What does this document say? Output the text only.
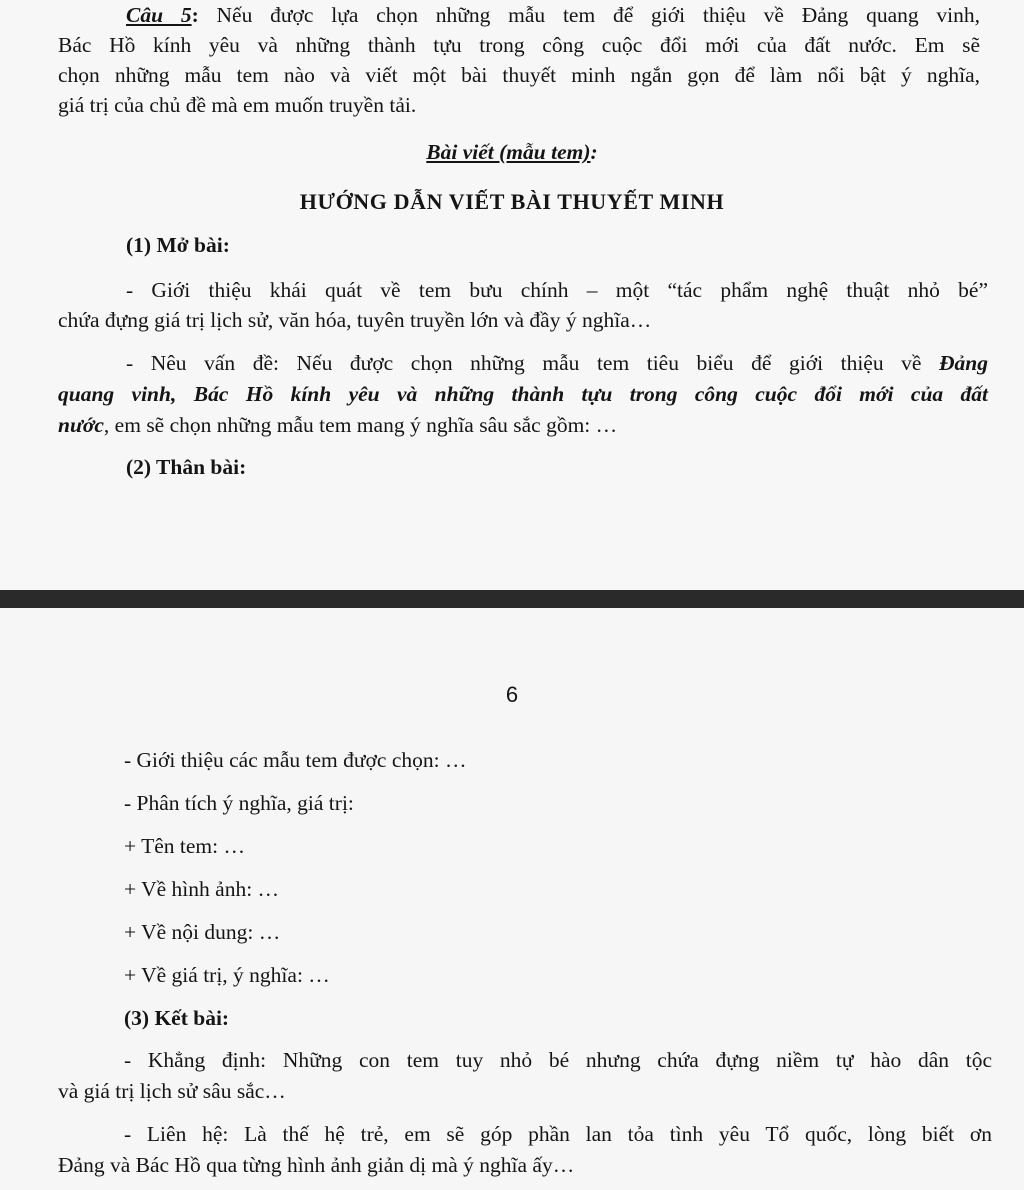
Câu 5: Nếu được lựa chọn những mẫu tem để giới thiệu về Đảng quang vinh,

Bác Hồ kính yêu và những thành tựu trong công cuộc đổi mới của đất nước. Em sẽ

chọn những mẫu tem nào và viết một bài thuyết minh ngắn gọn để làm nổi bật ý nghĩa,

giá trị của chủ đề mà em muốn truyền tải.

Bài viết (mẫu tem):

HƯỚNG DẪN VIẾT BÀI THUYẾT MINH

(1) Mở bài:

- Giới thiệu khái quát về tem bưu chính – một “tác phẩm nghệ thuật nhỏ bé”

chứa đựng giá trị lịch sử, văn hóa, tuyên truyền lớn và đầy ý nghĩa…

- Nêu vấn đề: Nếu được chọn những mẫu tem tiêu biểu để giới thiệu về Đảng

quang vinh, Bác Hồ kính yêu và những thành tựu trong công cuộc đổi mới của đất

nước, em sẽ chọn những mẫu tem mang ý nghĩa sâu sắc gồm: …

(2) Thân bài:

6

- Giới thiệu các mẫu tem được chọn: …

- Phân tích ý nghĩa, giá trị:

+ Tên tem: …

+ Về hình ảnh: …

+ Về nội dung: …

+ Về giá trị, ý nghĩa: …

(3) Kết bài:

- Khẳng định: Những con tem tuy nhỏ bé nhưng chứa đựng niềm tự hào dân tộc

và giá trị lịch sử sâu sắc…

- Liên hệ: Là thế hệ trẻ, em sẽ góp phần lan tỏa tình yêu Tổ quốc, lòng biết ơn

Đảng và Bác Hồ qua từng hình ảnh giản dị mà ý nghĩa ấy…
